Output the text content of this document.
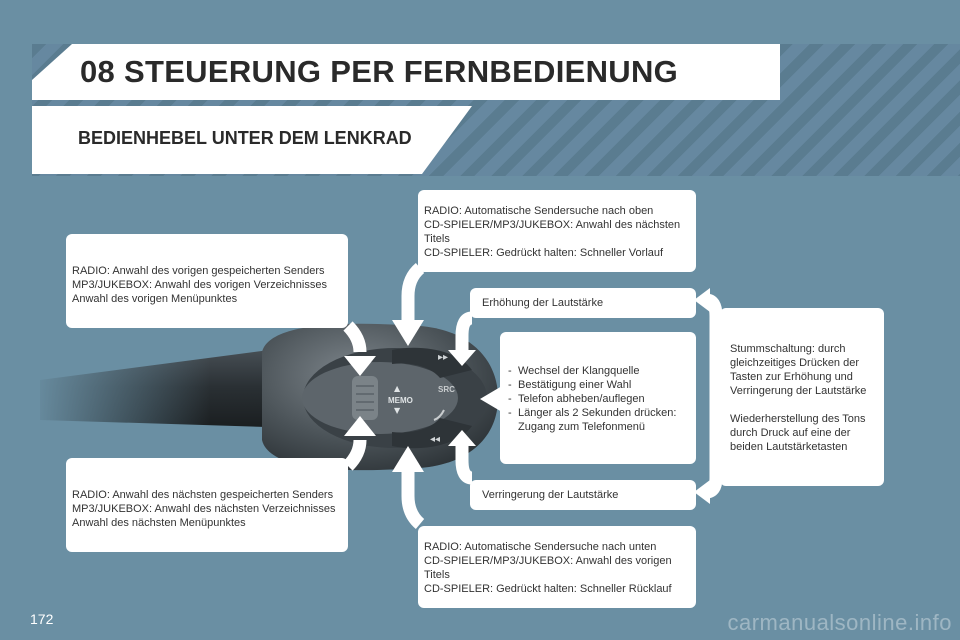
08 STEUERUNG PER FERNBEDIENUNG
BEDIENHEBEL UNTER DEM LENKRAD
▸▸
◂◂
MEMO
▲
▼
SRC

RADIO: Anwahl des vorigen gespeicherten Senders

MP3/JUKEBOX: Anwahl des vorigen Verzeichnisses

Anwahl des vorigen Menüpunktes

RADIO: Anwahl des nächsten gespeicherten Senders

MP3/JUKEBOX: Anwahl des nächsten Verzeichnisses

Anwahl des nächsten Menüpunktes

RADIO: Automatische Sendersuche nach oben

CD-SPIELER/MP3/JUKEBOX: Anwahl des nächsten Titels

CD-SPIELER: Gedrückt halten: Schneller Vorlauf

RADIO: Automatische Sendersuche nach unten

CD-SPIELER/MP3/JUKEBOX: Anwahl des vorigen Titels

CD-SPIELER: Gedrückt halten: Schneller Rücklauf

Erhöhung der Lautstärke
Verringerung der Lautstärke
- Wechsel der Klangquelle
- Bestätigung einer Wahl
- Telefon abheben/auflegen
- Länger als 2 Sekunden drücken: Zugang zum Telefonmenü

Stummschaltung: durch gleichzeitiges Drücken der Tasten zur Erhöhung und Verringerung der Lautstärke

Wiederherstellung des Tons durch Druck auf eine der beiden Lautstärketasten

172	carmanualsonline.info
